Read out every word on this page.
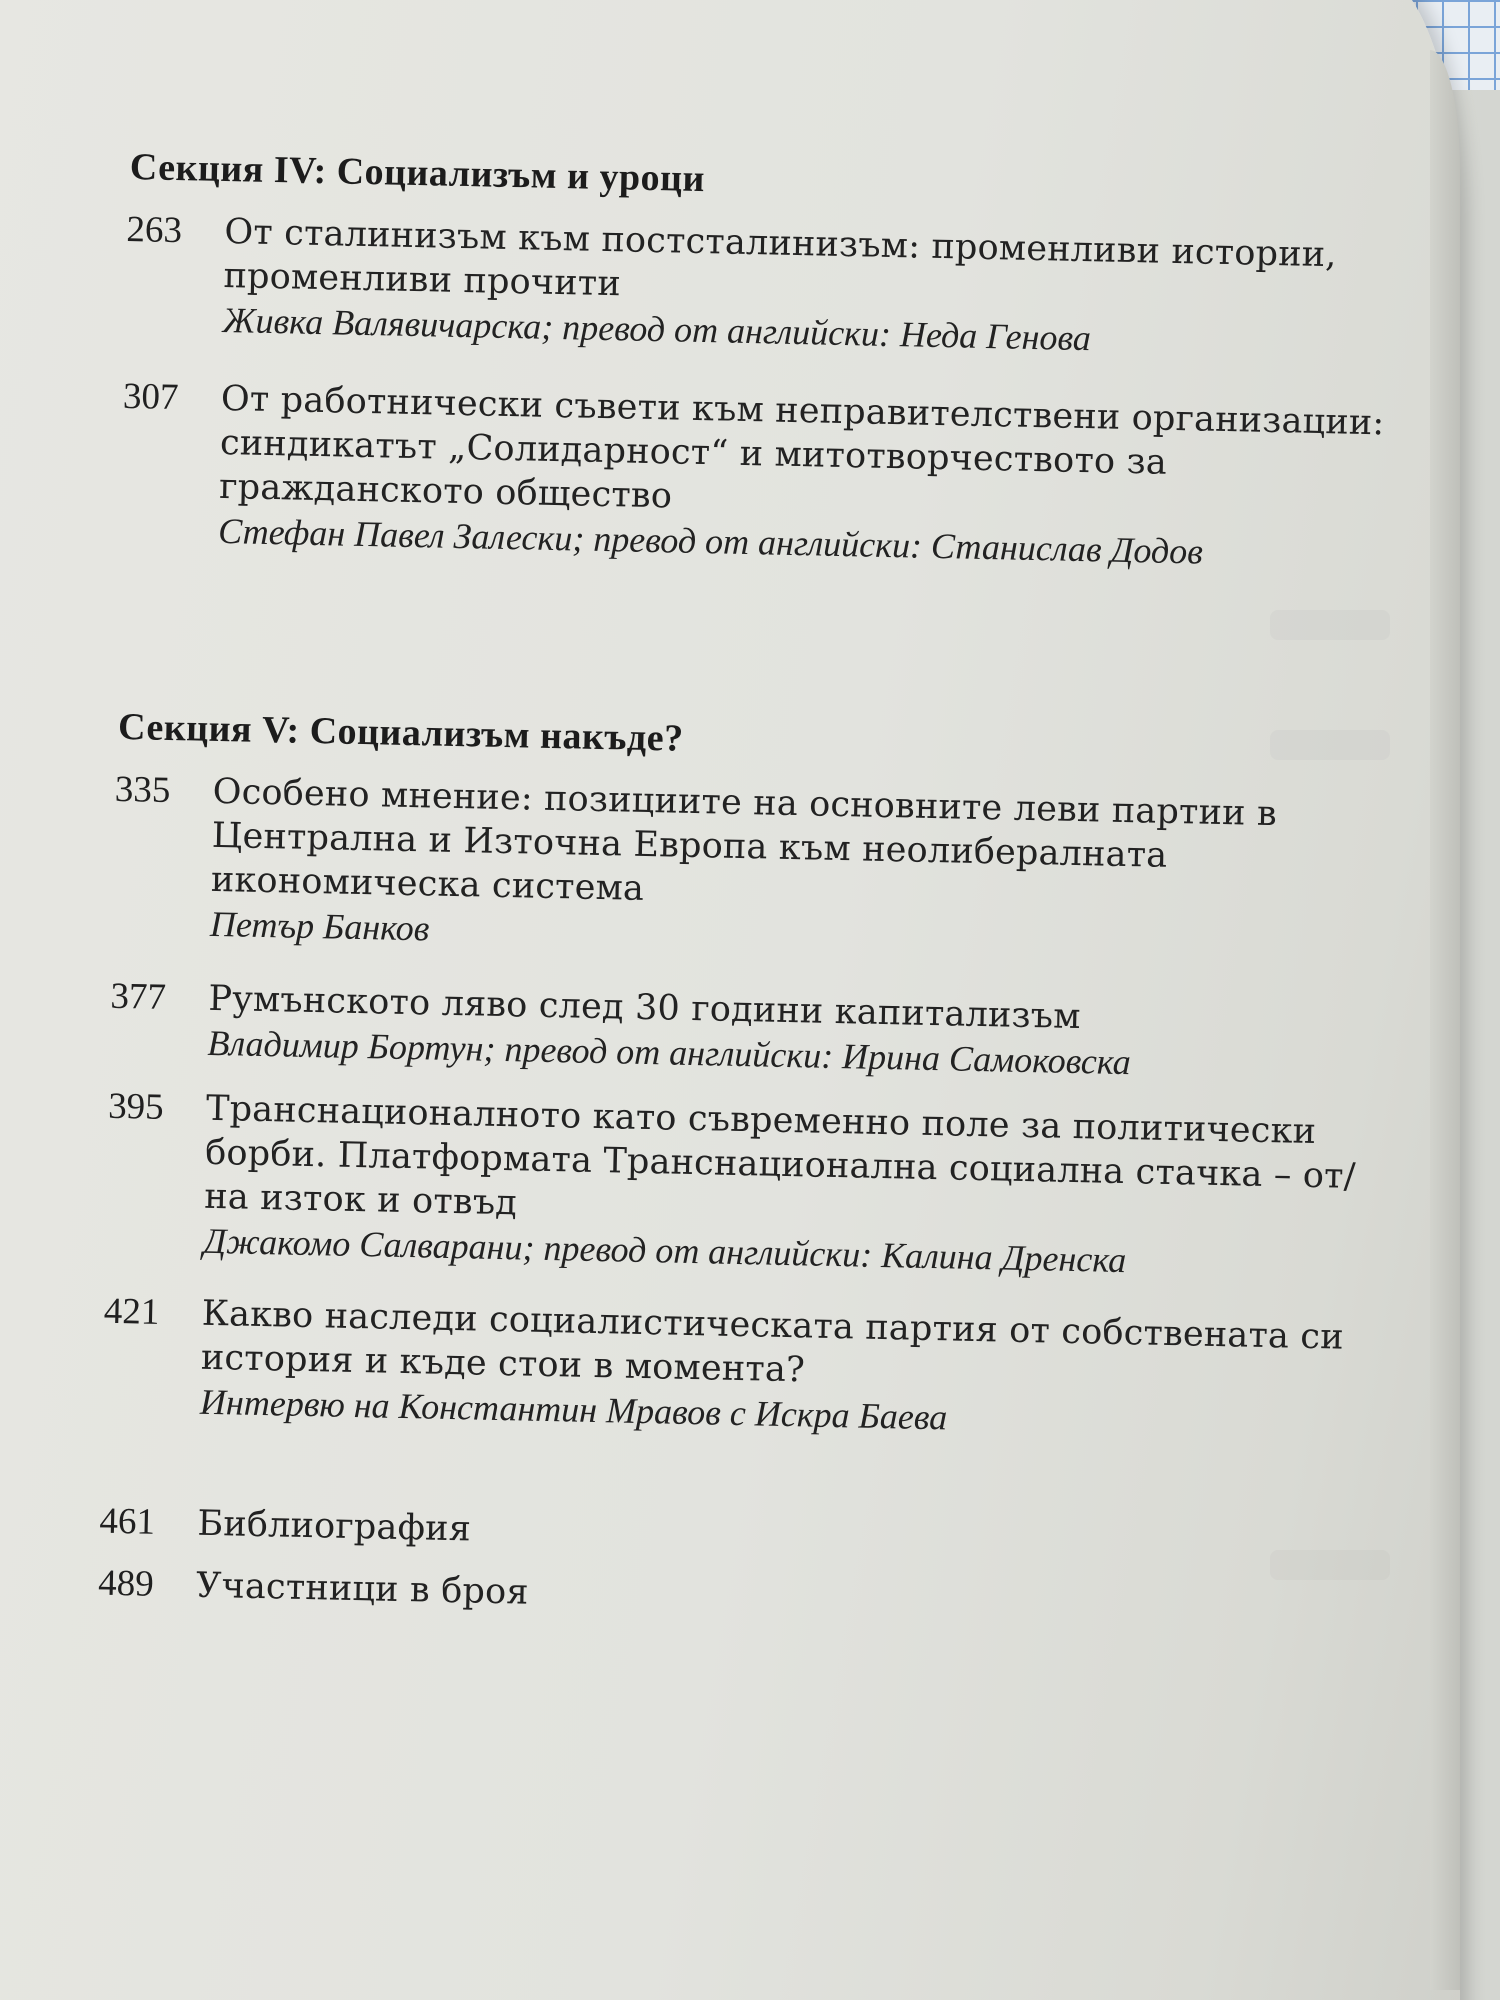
Секция IV: Социализъм и уроци
263 От сталинизъм към постсталинизъм: променливи истории, променливи прочити
Живка Валявичарска; превод от английски: Неда Генова
307 От работнически съвети към неправителствени организации: синдикатът „Солидарност“ и митотворчеството за гражданското общество
Стефан Павел Залески; превод от английски: Станислав Додов
Секция V: Социализъм накъде?
335 Особено мнение: позициите на основните леви партии в Централна и Източна Европа към неолибералната икономическа система
Петър Банков
377 Румънското ляво след 30 години капитализъм
Владимир Бортун; превод от английски: Ирина Самоковска
395 Транснационалното като съвременно поле за политически борби. Платформата Транснационална социална стачка – от/на изток и отвъд
Джакомо Салварани; превод от английски: Калина Дренска
421 Какво наследи социалистическата партия от собствената си история и къде стои в момента?
Интервю на Константин Мравов с Искра Баева
461 Библиография
489 Участници в броя
